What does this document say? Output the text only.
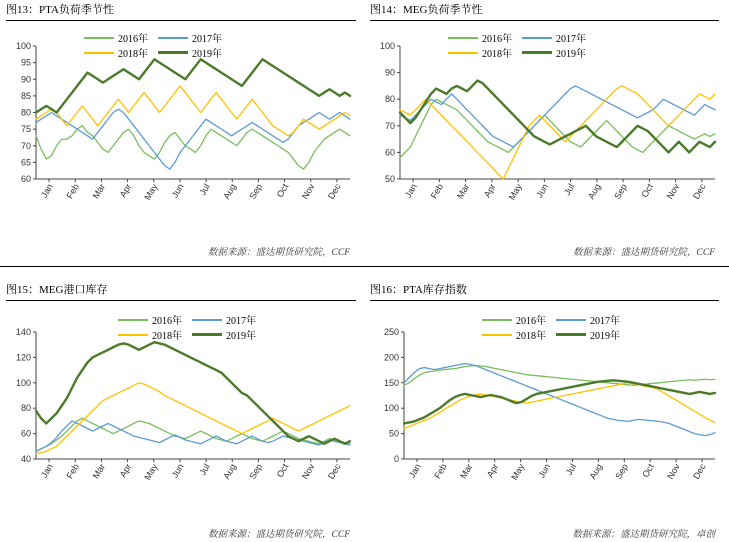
图13：PTA负荷季节性
60
65
70
75
80
85
90
95
100
Jan Feb Mar Apr May Jun Jul Aug Sep Oct Nov Dec
2016年	2017年
2018年	2019年
数据来源：盛达期货研究院，CCF
图14：MEG负荷季节性
50
60
70
80
90
100
Jan Feb Mar Apr May Jun Jul Aug Sep Oct Nov Dec
2016年	2017年
2018年	2019年
数据来源：盛达期货研究院，CCF
图15：MEG港口库存
40
60
80
100
120
140
Jan Feb Mar Apr May Jun Jul Aug Sep Oct Nov Dec
2016年	2017年
2018年	2019年
数据来源：盛达期货研究院，CCF
图16：PTA库存指数
0
50
100
150
200
250
Jan Feb Mar Apr May Jun Jul Aug Sep Oct Nov Dec
2016年	2017年
2018年	2019年
数据来源：盛达期货研究院，卓创
